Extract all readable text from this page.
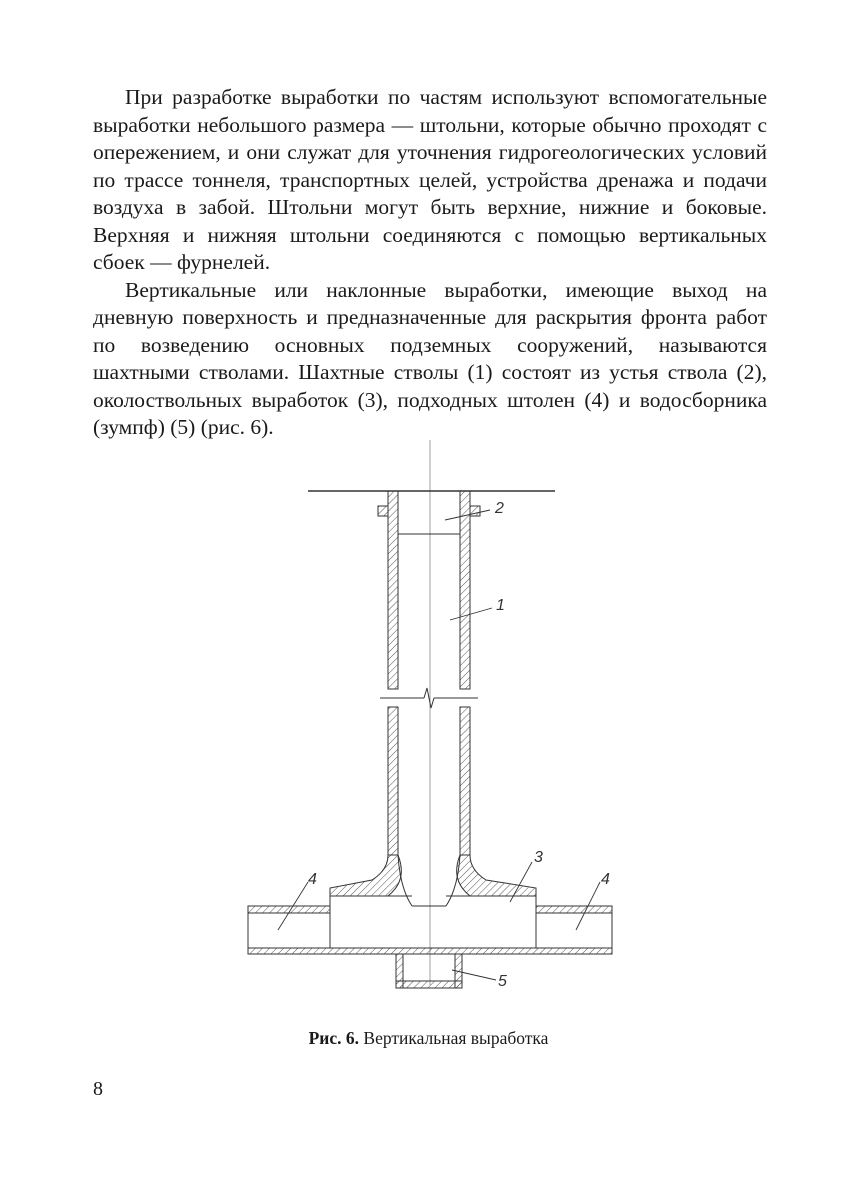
При разработке выработки по частям используют вспомогательные выработки небольшого размера — штольни, которые обычно проходят с опережением, и они служат для уточнения гидрогеологических условий по трассе тоннеля, транспортных целей, устройства дренажа и подачи воздуха в забой. Штольни могут быть верхние, нижние и боковые. Верхняя и нижняя штольни соединяются с помощью вертикальных сбоек — фурнелей.

Вертикальные или наклонные выработки, имеющие выход на дневную поверхность и предназначенные для раскрытия фронта работ по возведению основных подземных сооружений, называются шахтными стволами. Шахтные стволы (1) состоят из устья ствола (2), околоствольных выработок (3), подходных штолен (4) и водосборника (зумпф) (5) (рис. 6).

2
1
3
4	4
5
Рис. 6. Вертикальная выработка
8
